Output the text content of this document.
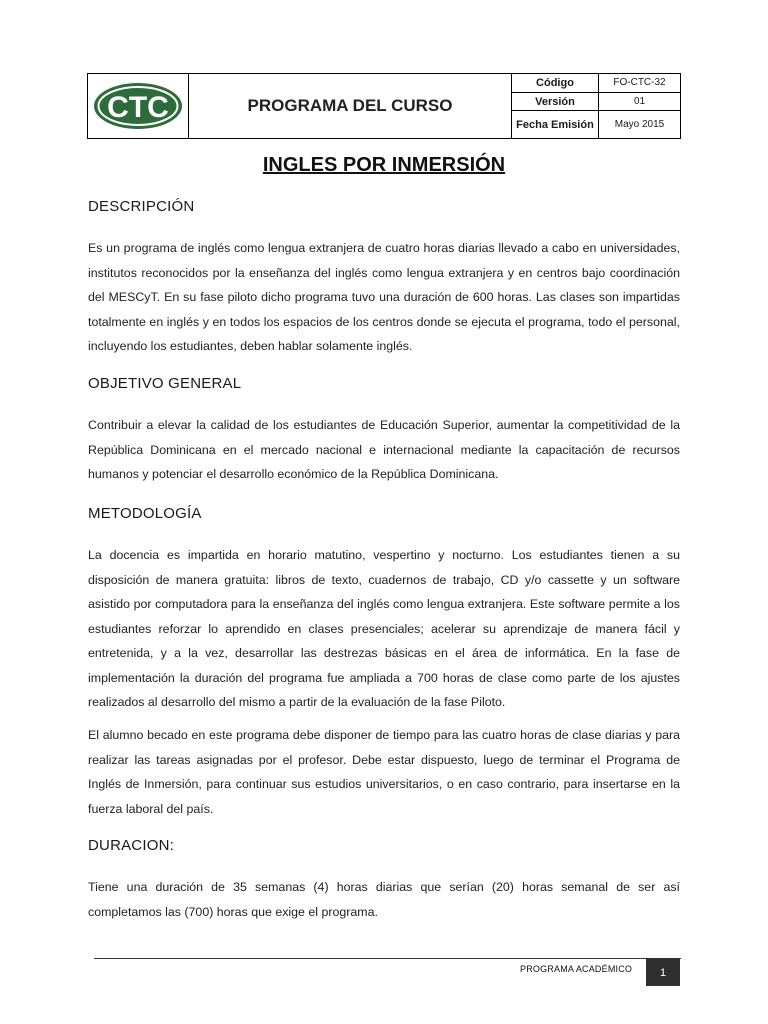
CTC	PROGRAMA DEL CURSO
Código	FO-CTC-32
Versión	01
Fecha Emisión	Mayo 2015
INGLES POR INMERSIÓN
DESCRIPCIÓN
Es un programa de inglés como lengua extranjera de cuatro horas diarias llevado a cabo en universidades, institutos reconocidos por la enseñanza del inglés como lengua extranjera y en centros bajo coordinación del MESCyT. En su fase piloto dicho programa tuvo una duración de 600 horas. Las clases son impartidas totalmente en inglés y en todos los espacios de los centros donde se ejecuta el programa, todo el personal, incluyendo los estudiantes, deben hablar solamente inglés.
OBJETIVO GENERAL
Contribuir a elevar la calidad de los estudiantes de Educación Superior, aumentar la competitividad de la República Dominicana en el mercado nacional e internacional mediante la capacitación de recursos humanos y potenciar el desarrollo económico de la República Dominicana.
METODOLOGÍA
La docencia es impartida en horario matutino, vespertino y nocturno. Los estudiantes tienen a su disposición de manera gratuita: libros de texto, cuadernos de trabajo, CD y/o cassette y un software asistido por computadora para la enseñanza del inglés como lengua extranjera. Este software permite a los estudiantes reforzar lo aprendido en clases presenciales; acelerar su aprendizaje de manera fácil y entretenida, y a la vez, desarrollar las destrezas básicas en el área de informática. En la fase de implementación la duración del programa fue ampliada a 700 horas de clase como parte de los ajustes realizados al desarrollo del mismo a partir de la evaluación de la fase Piloto.
El alumno becado en este programa debe disponer de tiempo para las cuatro horas de clase diarias y para realizar las tareas asignadas por el profesor. Debe estar dispuesto, luego de terminar el Programa de Inglés de Inmersión, para continuar sus estudios universitarios, o en caso contrario, para insertarse en la fuerza laboral del país.
DURACION:
Tiene una duración de 35 semanas (4) horas diarias que serían (20) horas semanal de ser así completamos las (700) horas que exige el programa.
PROGRAMA ACADÉMICO	1
